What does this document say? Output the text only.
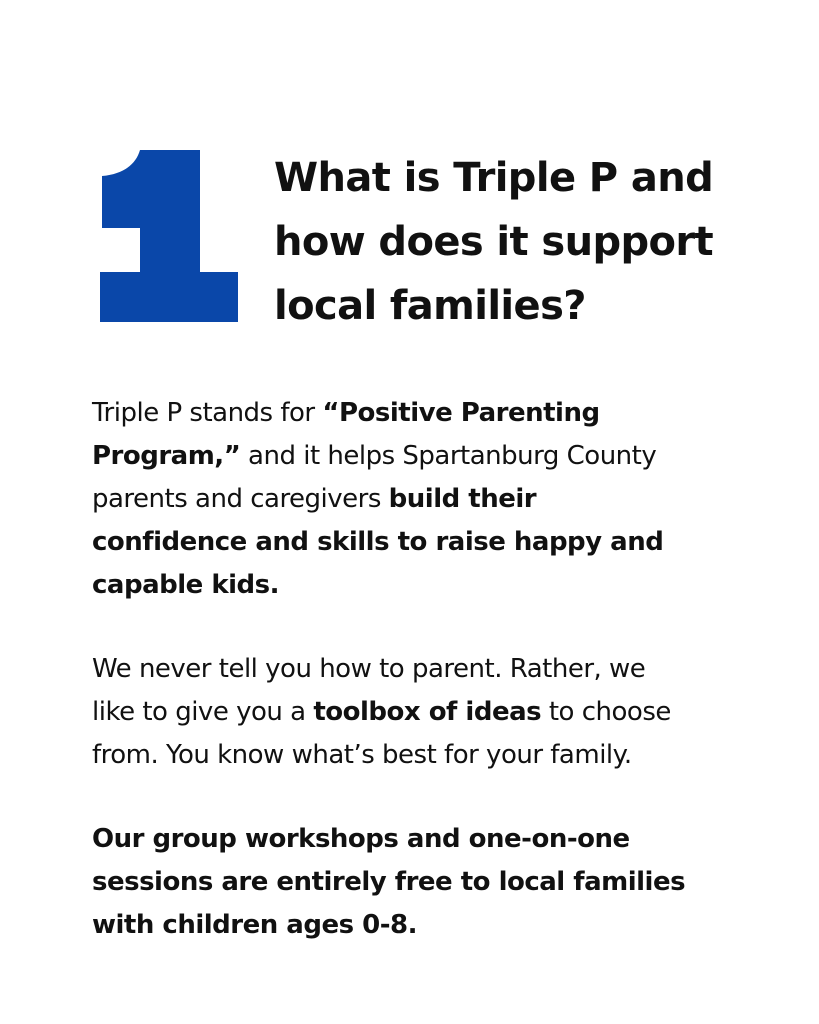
What is Triple P and
how does it support
local families?

Triple P stands for “Positive Parenting
Program,” and it helps Spartanburg County
parents and caregivers build their
confidence and skills to raise happy and
capable kids.

We never tell you how to parent. Rather, we
like to give you a toolbox of ideas to choose
from. You know what’s best for your family.

Our group workshops and one-on-one
sessions are entirely free to local families
with children ages 0-8.
